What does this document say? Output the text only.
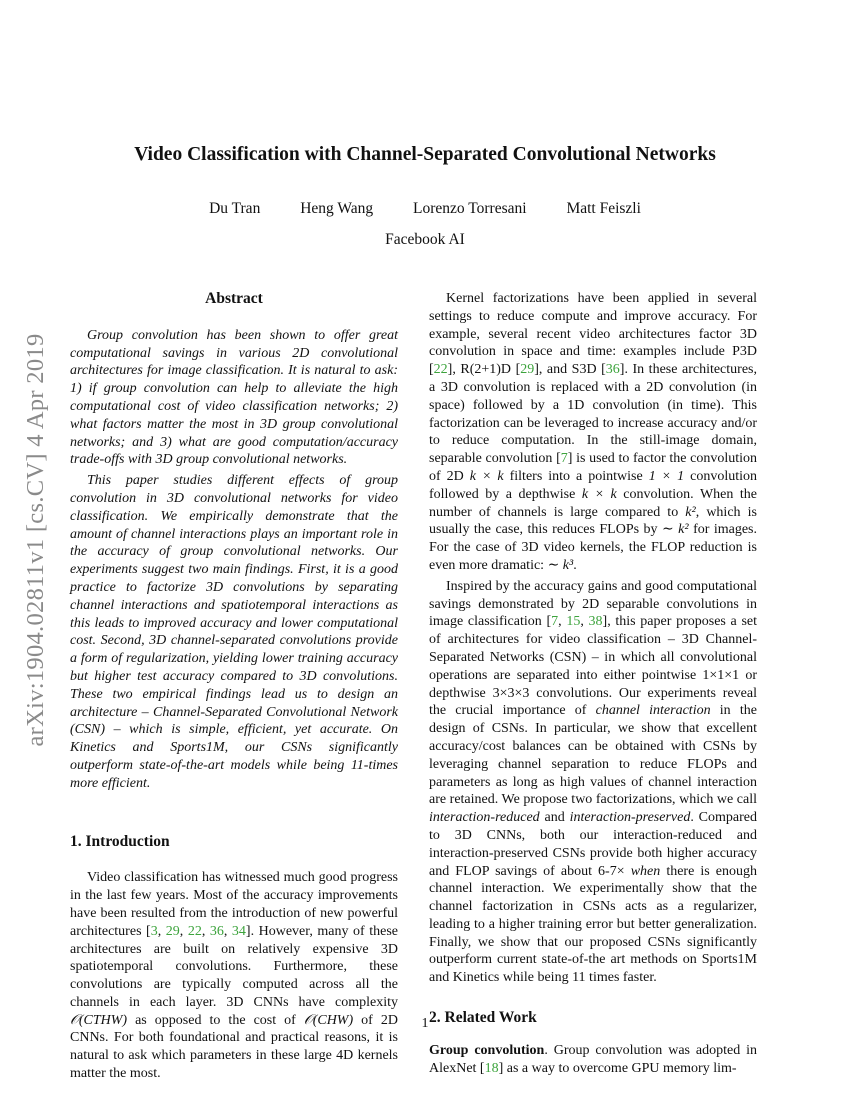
arXiv:1904.02811v1 [cs.CV] 4 Apr 2019
Video Classification with Channel-Separated Convolutional Networks
Du Tran	Heng Wang	Lorenzo Torresani	Matt Feiszli
Facebook AI
Abstract

Group convolution has been shown to offer great computational savings in various 2D convolutional architectures for image classification. It is natural to ask: 1) if group convolution can help to alleviate the high computational cost of video classification networks; 2) what factors matter the most in 3D group convolutional networks; and 3) what are good computation/accuracy trade-offs with 3D group convolutional networks.

This paper studies different effects of group convolution in 3D convolutional networks for video classification. We empirically demonstrate that the amount of channel interactions plays an important role in the accuracy of group convolutional networks. Our experiments suggest two main findings. First, it is a good practice to factorize 3D convolutions by separating channel interactions and spatiotemporal interactions as this leads to improved accuracy and lower computational cost. Second, 3D channel-separated convolutions provide a form of regularization, yielding lower training accuracy but higher test accuracy compared to 3D convolutions. These two empirical findings lead us to design an architecture – Channel-Separated Convolutional Network (CSN) – which is simple, efficient, yet accurate. On Kinetics and Sports1M, our CSNs significantly outperform state-of-the-art models while being 11-times more efficient.

1. Introduction

Video classification has witnessed much good progress in the last few years. Most of the accuracy improvements have been resulted from the introduction of new powerful architectures [3, 29, 22, 36, 34]. However, many of these architectures are built on relatively expensive 3D spatiotemporal convolutions. Furthermore, these convolutions are typically computed across all the channels in each layer. 3D CNNs have complexity 𝒪(CTHW) as opposed to the cost of 𝒪(CHW) of 2D CNNs. For both foundational and practical reasons, it is natural to ask which parameters in these large 4D kernels matter the most.

Kernel factorizations have been applied in several settings to reduce compute and improve accuracy. For example, several recent video architectures factor 3D convolution in space and time: examples include P3D [22], R(2+1)D [29], and S3D [36]. In these architectures, a 3D convolution is replaced with a 2D convolution (in space) followed by a 1D convolution (in time). This factorization can be leveraged to increase accuracy and/or to reduce computation. In the still-image domain, separable convolution [7] is used to factor the convolution of 2D k × k filters into a pointwise 1 × 1 convolution followed by a depthwise k × k convolution. When the number of channels is large compared to k², which is usually the case, this reduces FLOPs by ∼ k² for images. For the case of 3D video kernels, the FLOP reduction is even more dramatic: ∼ k³.

Inspired by the accuracy gains and good computational savings demonstrated by 2D separable convolutions in image classification [7, 15, 38], this paper proposes a set of architectures for video classification – 3D Channel-Separated Networks (CSN) – in which all convolutional operations are separated into either pointwise 1×1×1 or depthwise 3×3×3 convolutions. Our experiments reveal the crucial importance of channel interaction in the design of CSNs. In particular, we show that excellent accuracy/cost balances can be obtained with CSNs by leveraging channel separation to reduce FLOPs and parameters as long as high values of channel interaction are retained. We propose two factorizations, which we call interaction-reduced and interaction-preserved. Compared to 3D CNNs, both our interaction-reduced and interaction-preserved CSNs provide both higher accuracy and FLOP savings of about 6-7× when there is enough channel interaction. We experimentally show that the channel factorization in CSNs acts as a regularizer, leading to a higher training error but better generalization. Finally, we show that our proposed CSNs significantly outperform current state-of-the art methods on Sports1M and Kinetics while being 11 times faster.

2. Related Work

Group convolution. Group convolution was adopted in AlexNet [18] as a way to overcome GPU memory lim-

1
